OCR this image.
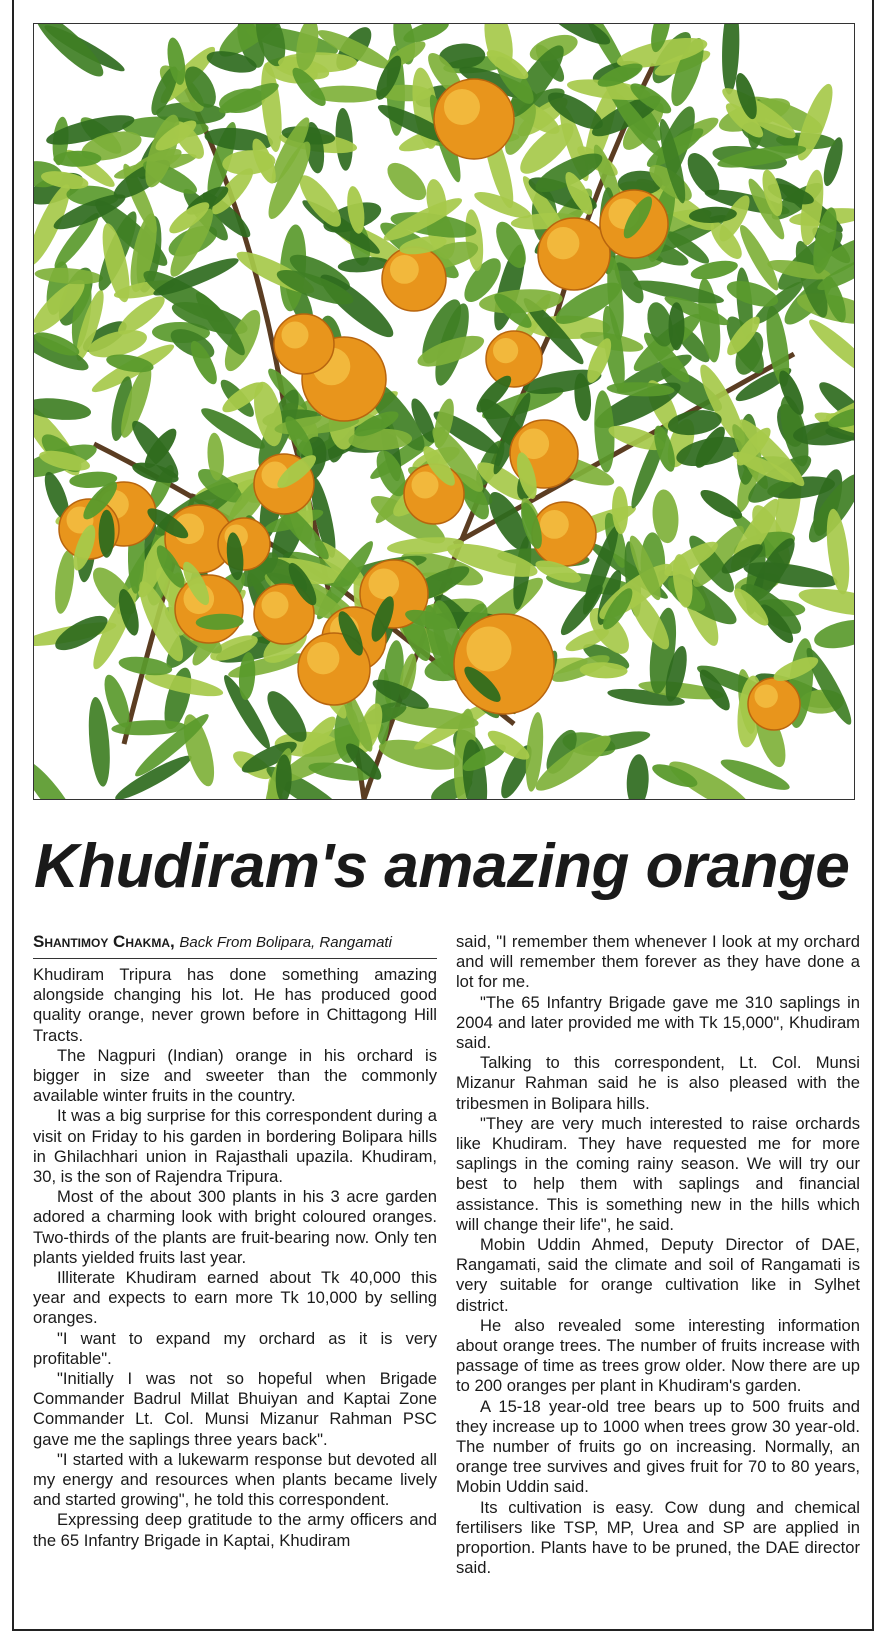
Khudiram's amazing orange
Shantimoy Chakma, Back From Bolipara, Rangamati

Khudiram Tripura has done something amazing alongside changing his lot. He has produced good quality orange, never grown before in Chittagong Hill Tracts.

The Nagpuri (Indian) orange in his orchard is bigger in size and sweeter than the commonly available winter fruits in the country.

It was a big surprise for this correspondent during a visit on Friday to his garden in bordering Bolipara hills in Ghilachhari union in Rajasthali upazila. Khudiram, 30, is the son of Rajendra Tripura.

Most of the about 300 plants in his 3 acre garden adored a charming look with bright coloured oranges. Two-thirds of the plants are fruit-bearing now. Only ten plants yielded fruits last year.

Illiterate Khudiram earned about Tk 40,000 this year and expects to earn more Tk 10,000 by selling oranges.

"I want to expand my orchard as it is very profitable".

"Initially I was not so hopeful when Brigade Commander Badrul Millat Bhuiyan and Kaptai Zone Commander Lt. Col. Munsi Mizanur Rahman PSC gave me the saplings three years back".

"I started with a lukewarm response but devoted all my energy and resources when plants became lively and started growing", he told this correspondent.

Expressing deep gratitude to the army officers and the 65 Infantry Brigade in Kaptai, Khudiram

said, "I remember them whenever I look at my orchard and will remember them forever as they have done a lot for me.

"The 65 Infantry Brigade gave me 310 saplings in 2004 and later provided me with Tk 15,000", Khudiram said.

Talking to this correspondent, Lt. Col. Munsi Mizanur Rahman said he is also pleased with the tribesmen in Bolipara hills.

"They are very much interested to raise orchards like Khudiram. They have requested me for more saplings in the coming rainy season. We will try our best to help them with saplings and financial assistance. This is something new in the hills which will change their life", he said.

Mobin Uddin Ahmed, Deputy Director of DAE, Rangamati, said the climate and soil of Rangamati is very suitable for orange cultivation like in Sylhet district.

He also revealed some interesting information about orange trees. The number of fruits increase with passage of time as trees grow older. Now there are up to 200 oranges per plant in Khudiram's garden.

A 15-18 year-old tree bears up to 500 fruits and they increase up to 1000 when trees grow 30 year-old. The number of fruits go on increasing. Normally, an orange tree survives and gives fruit for 70 to 80 years, Mobin Uddin said.

Its cultivation is easy. Cow dung and chemical fertilisers like TSP, MP, Urea and SP are applied in proportion. Plants have to be pruned, the DAE director said.
